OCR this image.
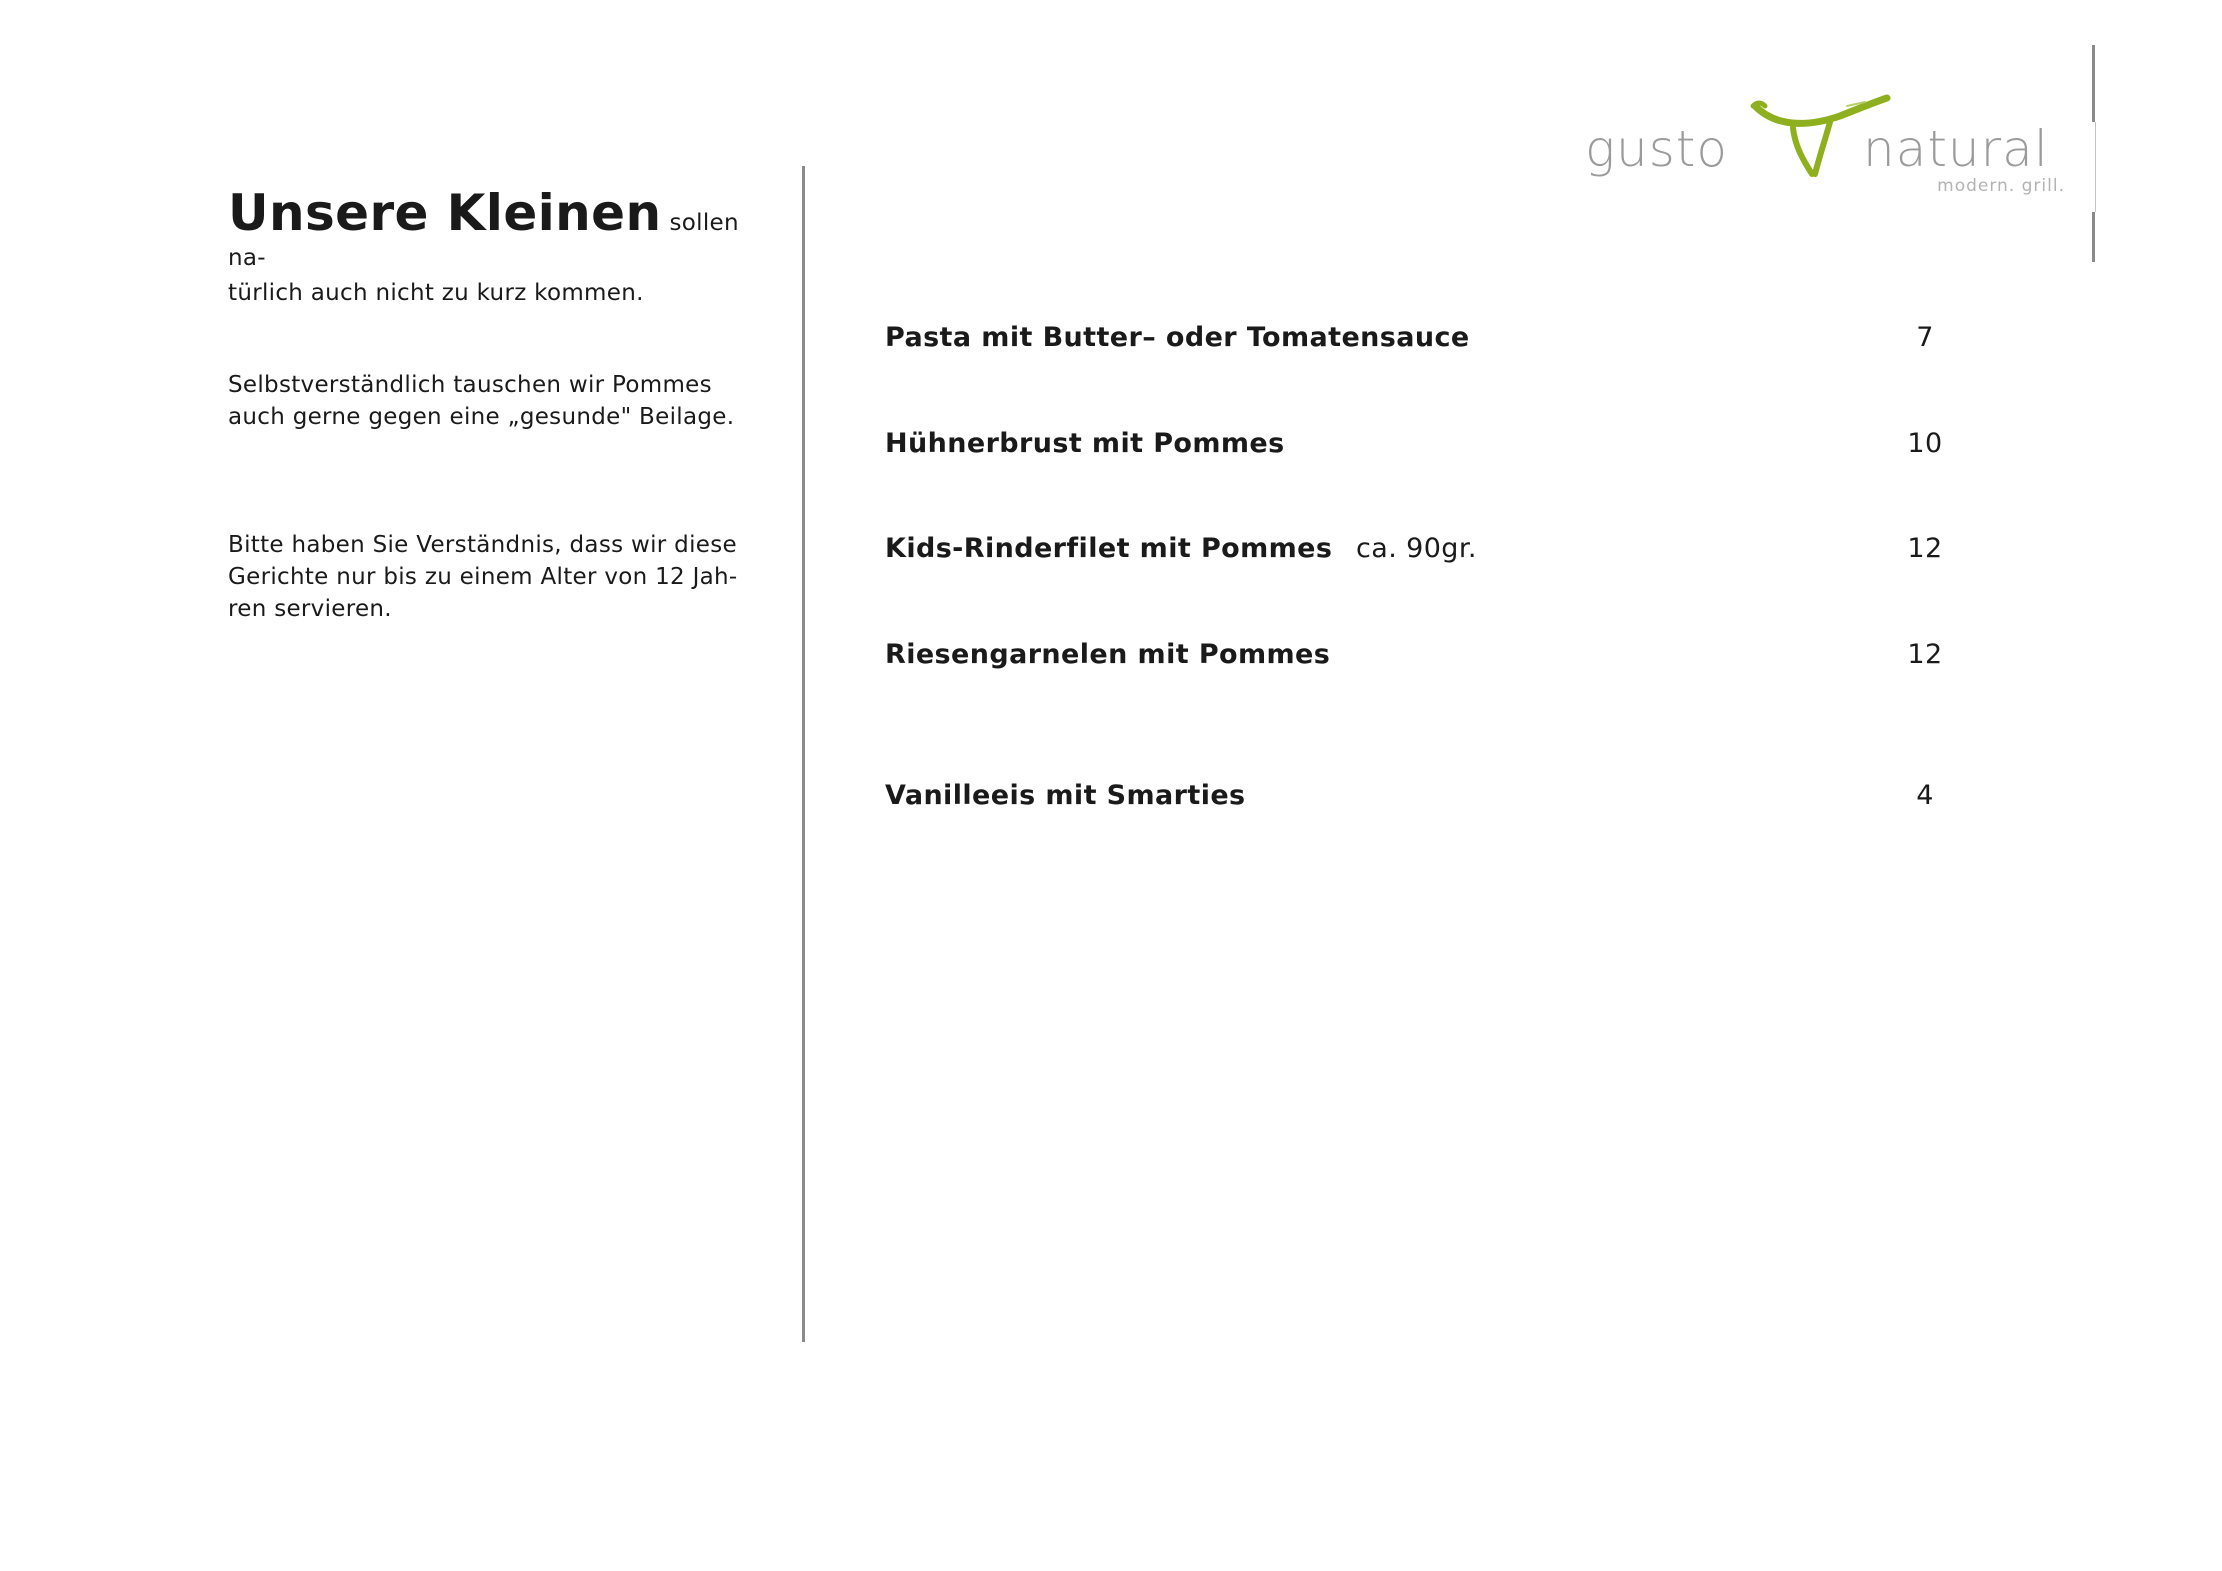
gusto	natural
modern. grill.

Unsere Kleinen sollen na-
türlich auch nicht zu kurz kommen.

Selbstverständlich tauschen wir Pommes
auch gerne gegen eine „gesunde" Beilage.

Bitte haben Sie Verständnis, dass wir diese
Gerichte nur bis zu einem Alter von 12 Jah-
ren servieren.

Pasta mit Butter– oder Tomatensauce	7
Hühnerbrust mit Pommes	10
Kids-Rinderfilet mit Pommes ca. 90gr.	12
Riesengarnelen mit Pommes	12
Vanilleeis mit Smarties	4
